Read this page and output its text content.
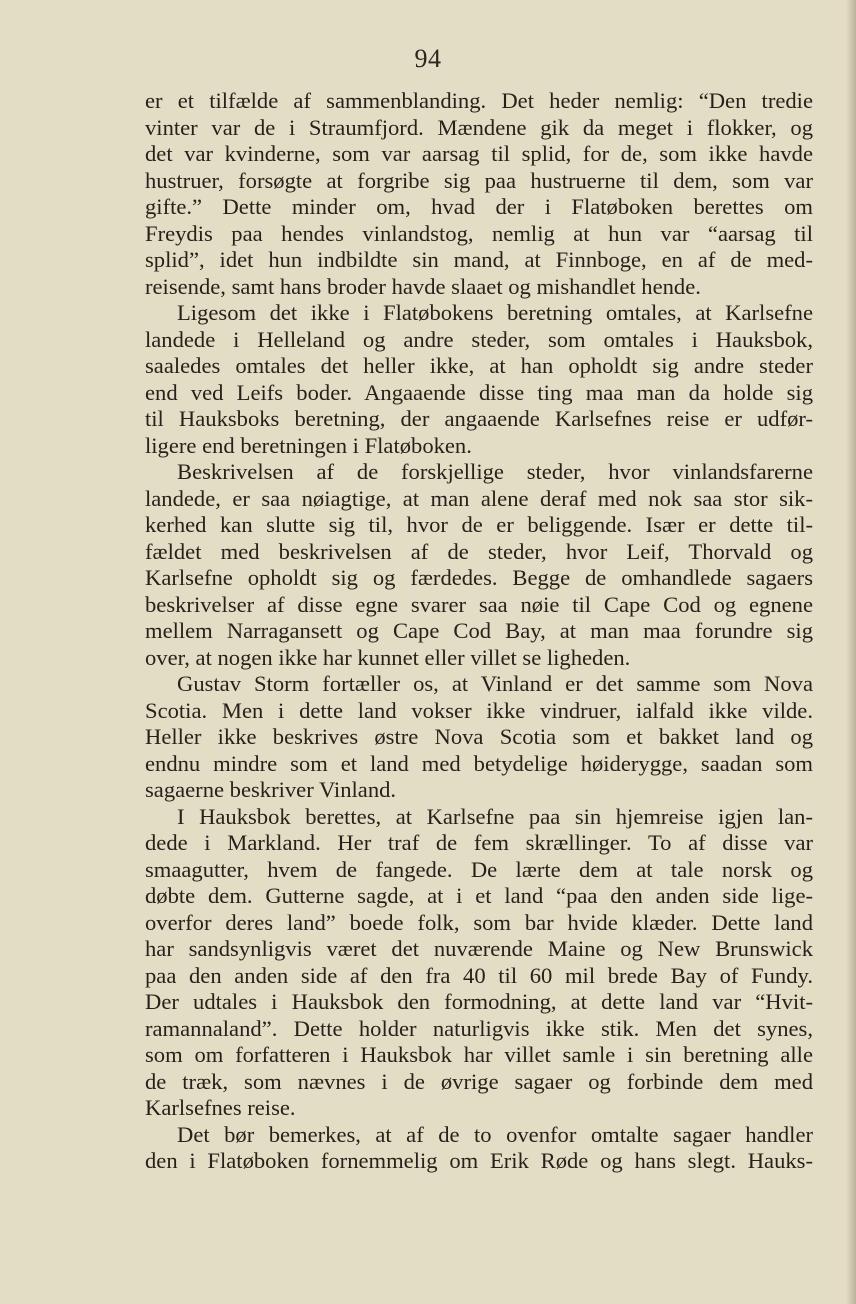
94
er et tilfælde af sammenblanding. Det heder nemlig: “Den tredie
vinter var de i Straumfjord. Mændene gik da meget i flokker, og
det var kvinderne, som var aarsag til splid, for de, som ikke havde
hustruer, forsøgte at forgribe sig paa hustruerne til dem, som var
gifte.” Dette minder om, hvad der i Flatøboken berettes om
Freydis paa hendes vinlandstog, nemlig at hun var “aarsag til
splid”, idet hun indbildte sin mand, at Finnboge, en af de med-
reisende, samt hans broder havde slaaet og mishandlet hende.
Ligesom det ikke i Flatøbokens beretning omtales, at Karlsefne
landede i Helleland og andre steder, som omtales i Hauksbok,
saaledes omtales det heller ikke, at han opholdt sig andre steder
end ved Leifs boder. Angaaende disse ting maa man da holde sig
til Hauksboks beretning, der angaaende Karlsefnes reise er udfør-
ligere end beretningen i Flatøboken.
Beskrivelsen af de forskjellige steder, hvor vinlandsfarerne
landede, er saa nøiagtige, at man alene deraf med nok saa stor sik-
kerhed kan slutte sig til, hvor de er beliggende. Især er dette til-
fældet med beskrivelsen af de steder, hvor Leif, Thorvald og
Karlsefne opholdt sig og færdedes. Begge de omhandlede sagaers
beskrivelser af disse egne svarer saa nøie til Cape Cod og egnene
mellem Narragansett og Cape Cod Bay, at man maa forundre sig
over, at nogen ikke har kunnet eller villet se ligheden.
Gustav Storm fortæller os, at Vinland er det samme som Nova
Scotia. Men i dette land vokser ikke vindruer, ialfald ikke vilde.
Heller ikke beskrives østre Nova Scotia som et bakket land og
endnu mindre som et land med betydelige høiderygge, saadan som
sagaerne beskriver Vinland.
I Hauksbok berettes, at Karlsefne paa sin hjemreise igjen lan-
dede i Markland. Her traf de fem skrællinger. To af disse var
smaagutter, hvem de fangede. De lærte dem at tale norsk og
døbte dem. Gutterne sagde, at i et land “paa den anden side lige-
overfor deres land” boede folk, som bar hvide klæder. Dette land
har sandsynligvis været det nuværende Maine og New Brunswick
paa den anden side af den fra 40 til 60 mil brede Bay of Fundy.
Der udtales i Hauksbok den formodning, at dette land var “Hvit-
ramannaland”. Dette holder naturligvis ikke stik. Men det synes,
som om forfatteren i Hauksbok har villet samle i sin beretning alle
de træk, som nævnes i de øvrige sagaer og forbinde dem med
Karlsefnes reise.
Det bør bemerkes, at af de to ovenfor omtalte sagaer handler
den i Flatøboken fornemmelig om Erik Røde og hans slegt. Hauks-
